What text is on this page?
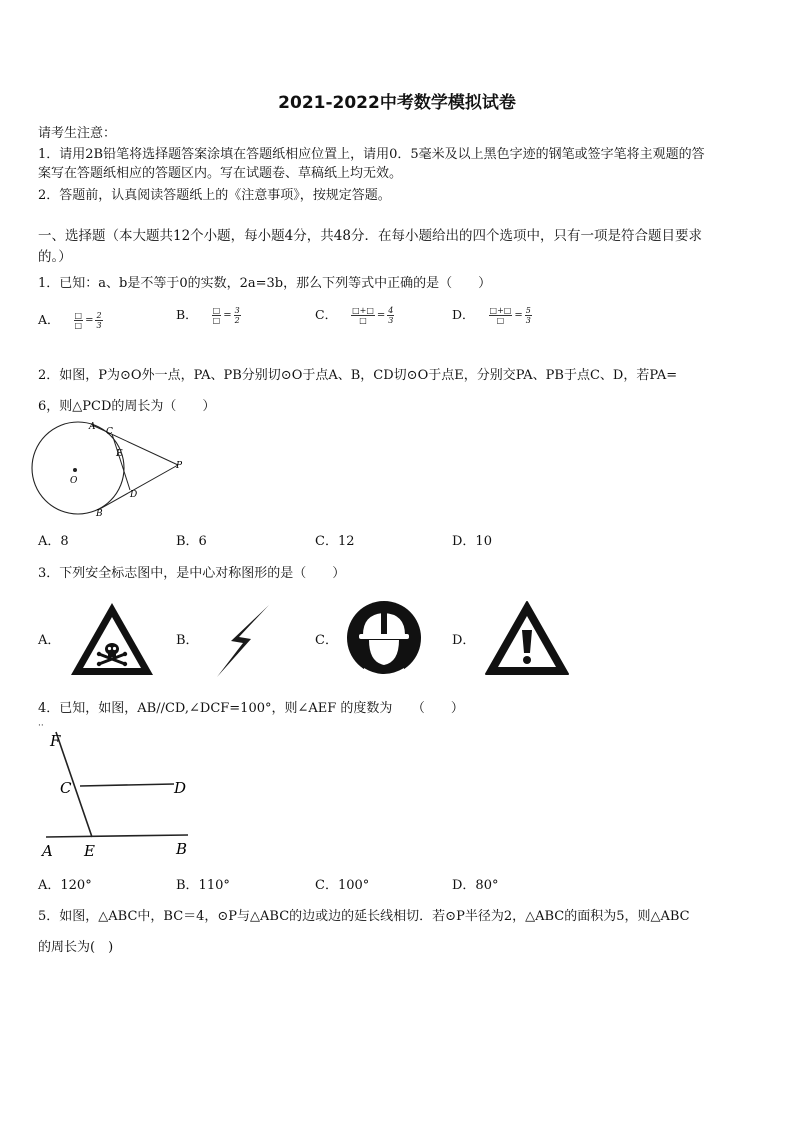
2021-2022中考数学模拟试卷
请考生注意：
1．请用2B铅笔将选择题答案涂填在答题纸相应位置上，请用0．5毫米及以上黑色字迹的钢笔或签字笔将主观题的答
案写在答题纸相应的答题区内。写在试题卷、草稿纸上均无效。
2．答题前，认真阅读答题纸上的《注意事项》，按规定答题。
一、选择题（本大题共12个小题，每小题4分，共48分．在每小题给出的四个选项中，只有一项是符合题目要求
的。）
1．已知：a、b是不等于0的实数，2a=3b，那么下列等式中正确的是（　　）
A． $\frac{□}{□} = \frac{2}{3}$	B． $\frac{□}{□} = \frac{3}{2}$	C． $\frac{□+□}{□} = \frac{4}{3}$	D． $\frac{□+□}{□} = \frac{5}{3}$
2．如图，P为⊙O外一点，PA、PB分别切⊙O于点A、B，CD切⊙O于点E，分别交PA、PB于点C、D，若PA=
6，则△PCD的周长为（　　）
A C
E
O
P
D
B
A．8	B．6	C．12	D．10
3．下列安全标志图中，是中心对称图形的是（　　）
A．	B．	C．	D．
4．已知，如图，AB//CD,∠DCF=100°，则∠AEF 的度数为　　（　　）
··
F
C	D
A E	B
A．120°	B．110°	C．100°	D．80°
5．如图，△ABC中，BC＝4，⊙P与△ABC的边或边的延长线相切．若⊙P半径为2，△ABC的面积为5，则△ABC
的周长为(　)
